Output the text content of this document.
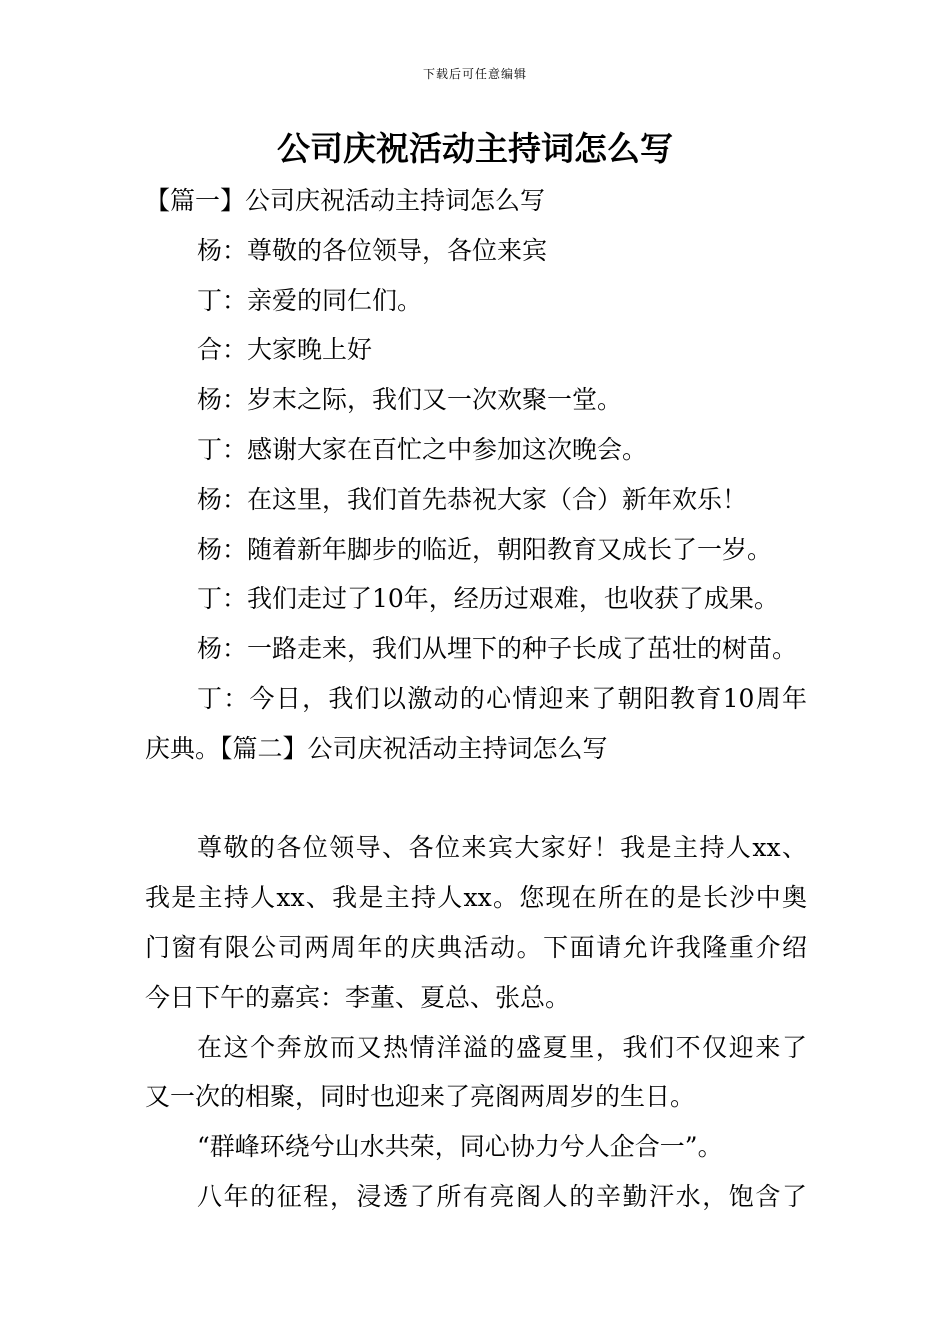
下载后可任意编辑
公司庆祝活动主持词怎么写

【篇一】公司庆祝活动主持词怎么写

杨：尊敬的各位领导，各位来宾

丁：亲爱的同仁们。

合：大家晚上好

杨：岁末之际，我们又一次欢聚一堂。

丁：感谢大家在百忙之中参加这次晚会。

杨：在这里，我们首先恭祝大家（合）新年欢乐！

杨：随着新年脚步的临近，朝阳教育又成长了一岁。

丁：我们走过了10年，经历过艰难，也收获了成果。

杨：一路走来，我们从埋下的种子长成了茁壮的树苗。

丁：今日，我们以激动的心情迎来了朝阳教育10周年

庆典。【篇二】公司庆祝活动主持词怎么写

尊敬的各位领导、各位来宾大家好！我是主持人xx、

我是主持人xx、我是主持人xx。您现在所在的是长沙中奥

门窗有限公司两周年的庆典活动。下面请允许我隆重介绍

今日下午的嘉宾：李董、夏总、张总。

在这个奔放而又热情洋溢的盛夏里，我们不仅迎来了

又一次的相聚，同时也迎来了亮阁两周岁的生日。

“群峰环绕兮山水共荣，同心协力兮人企合一”。

八年的征程，浸透了所有亮阁人的辛勤汗水，饱含了
